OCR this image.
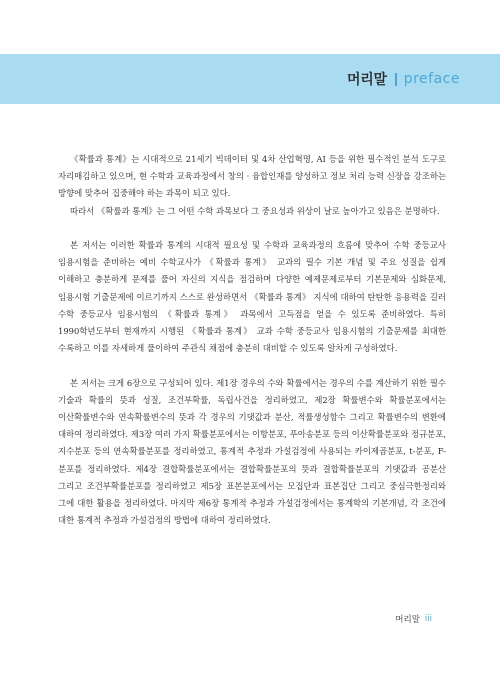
머리말 preface

《확률과 통계》는 시대적으로 21세기 빅데이터 및 4차 산업혁명, AI 등을 위한 필수적인 분석 도구로 자리매김하고 있으며, 현 수학과 교육과정에서 창의 · 융합인재를 양성하고 정보 처리 능력 신장을 강조하는 방향에 맞추어 집중해야 하는 과목이 되고 있다.

따라서 《확률과 통계》는 그 어떤 수학 과목보다 그 중요성과 위상이 날로 높아가고 있음은 분명하다.

본 저서는 이러한 확률과 통계의 시대적 필요성 및 수학과 교육과정의 흐름에 맞추어 수학 중등교사 임용시험을 준비하는 예비 수학교사가 《확률과 통계》 교과의 필수 기본 개념 및 주요 성질을 쉽게 이해하고 충분하게 문제를 풀어 자신의 지식을 점검하며 다양한 예제문제로부터 기본문제와 심화문제, 임용시험 기출문제에 이르기까지 스스로 완성하면서 《확률과 통계》 지식에 대하여 탄탄한 응용력을 길러 수학 중등교사 임용시험의 《확률과 통계》 과목에서 고득점을 얻을 수 있도록 준비하였다. 특히 1990학년도부터 현재까지 시행된 《확률과 통계》 교과 수학 중등교사 임용시험의 기출문제를 최대한 수록하고 이를 자세하게 풀이하여 주관식 채점에 충분히 대비할 수 있도록 알차게 구성하였다.

본 저서는 크게 6장으로 구성되어 있다. 제1장 경우의 수와 확률에서는 경우의 수를 계산하기 위한 필수 기술과 확률의 뜻과 성질, 조건부확률, 독립사건을 정리하였고, 제2장 확률변수와 확률분포에서는 이산확률변수와 연속확률변수의 뜻과 각 경우의 기댓값과 분산, 적률생성함수 그리고 확률변수의 변환에 대하여 정리하였다. 제3장 여러 가지 확률분포에서는 이항분포, 푸아송분포 등의 이산확률분포와 정규분포, 지수분포 등의 연속확률분포를 정리하였고, 통계적 추정과 가설검정에 사용되는 카이제곱분포, t-분포, F-분포를 정리하였다. 제4장 결합확률분포에서는 결합확률분포의 뜻과 결합확률분포의 기댓값과 공분산 그리고 조건부확률분포를 정리하였고 제5장 표본분포에서는 모집단과 표본집단 그리고 중심극한정리와 그에 대한 활용을 정리하였다. 마지막 제6장 통계적 추정과 가설검정에서는 통계학의 기본개념, 각 조건에 대한 통계적 추정과 가설검정의 방법에 대하여 정리하였다.

머리말 iii
